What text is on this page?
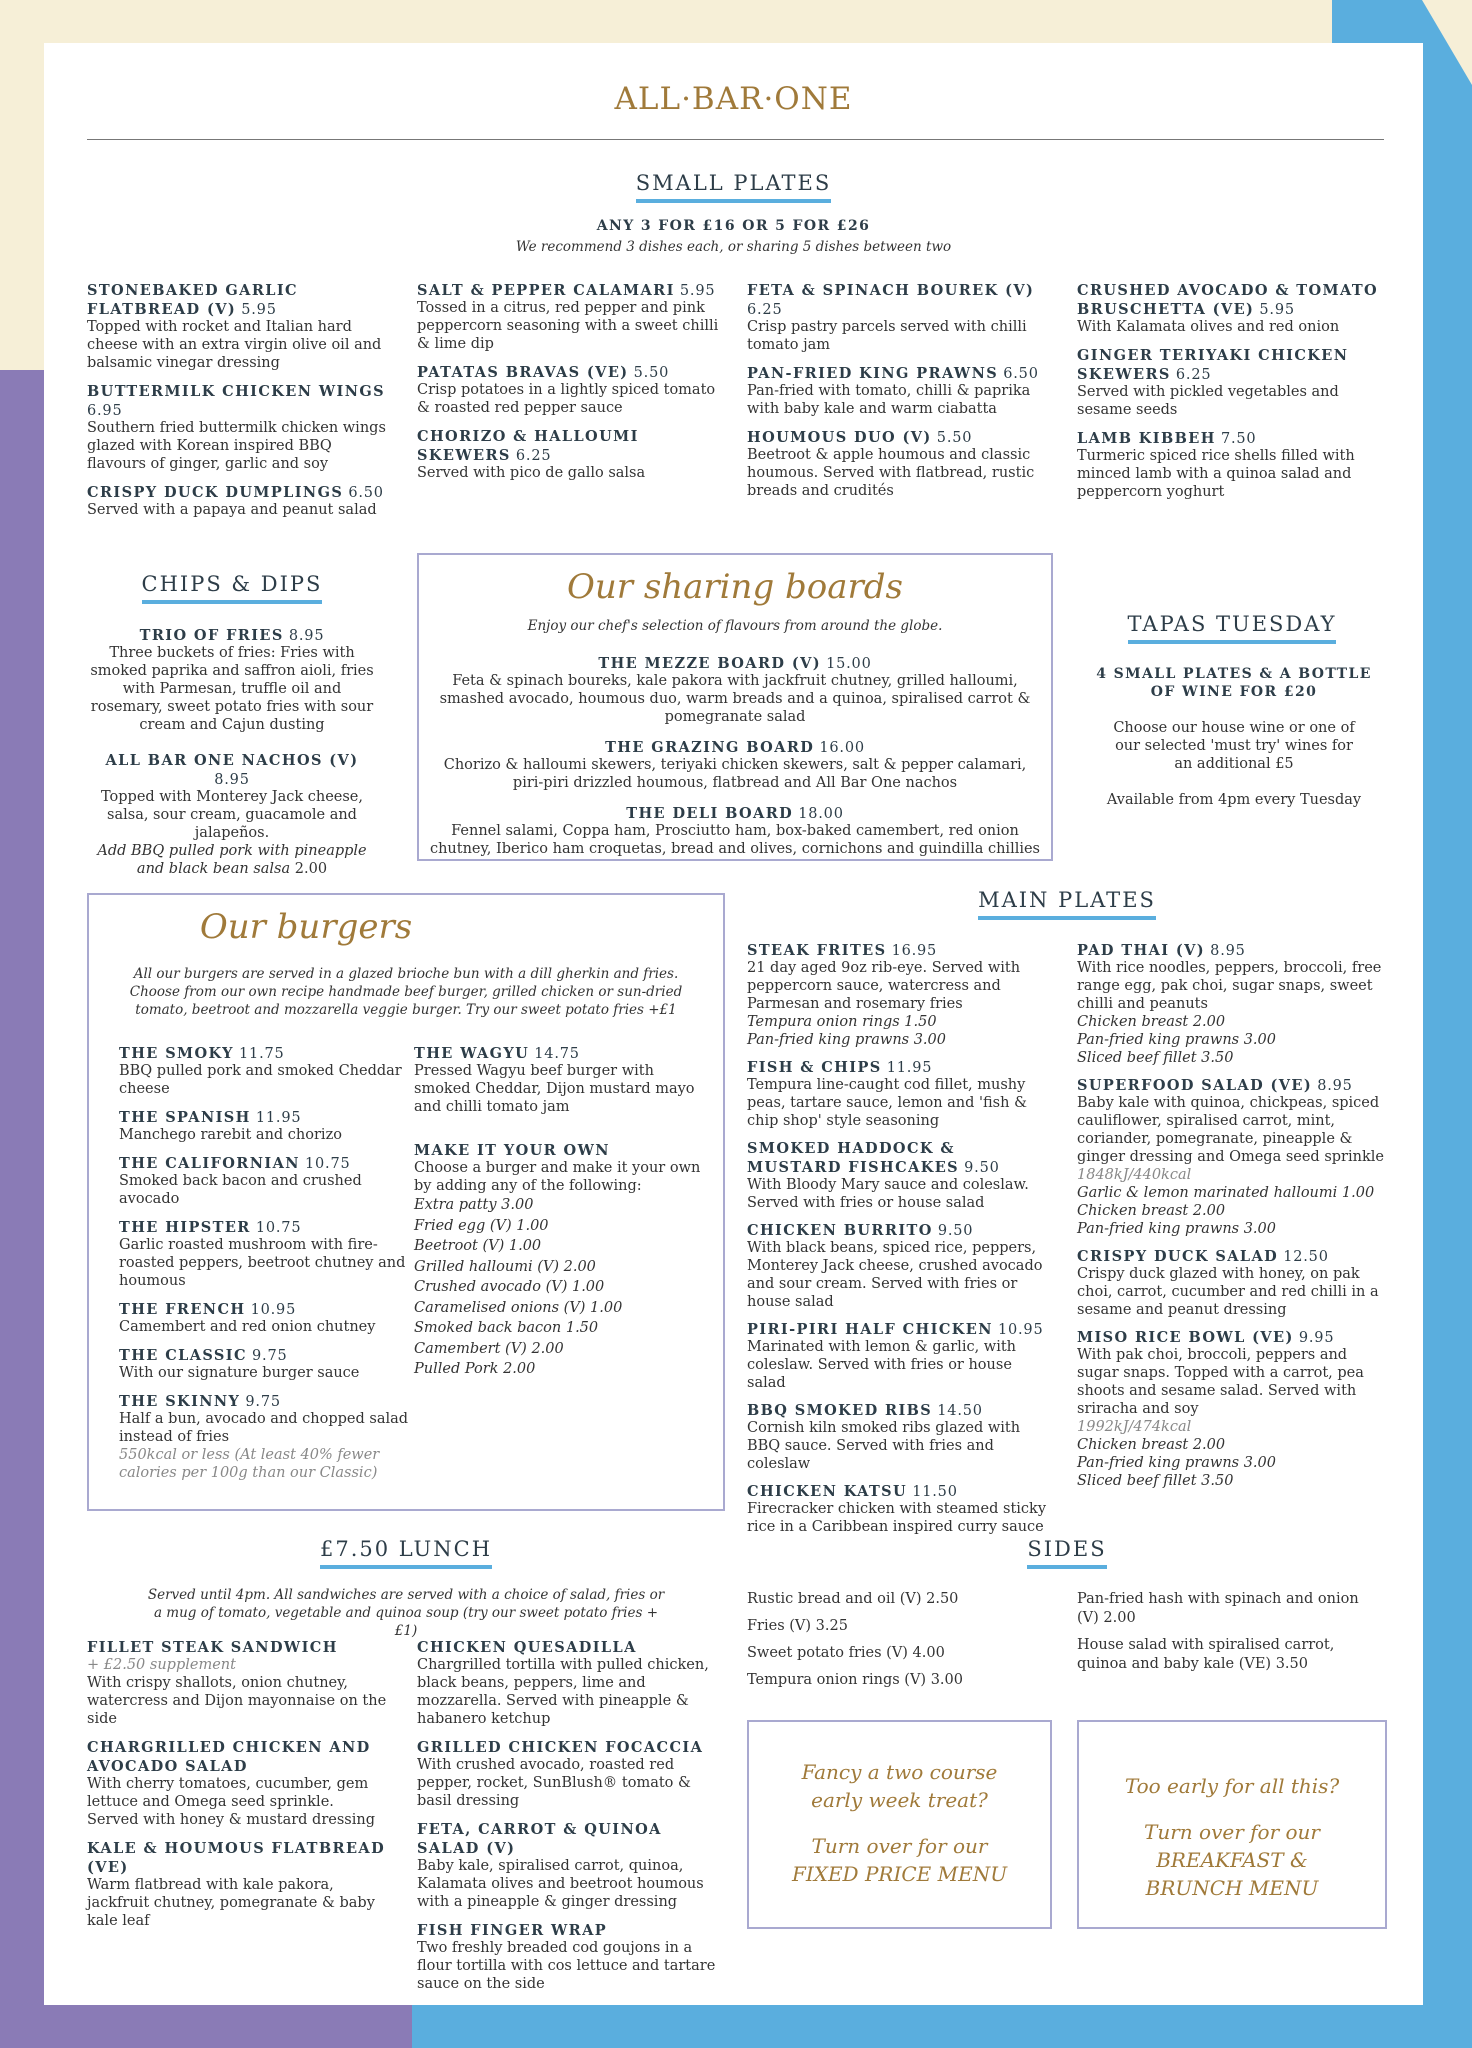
ALL·BAR·ONE
SMALL PLATES
ANY 3 FOR £16 OR 5 FOR £26
We recommend 3 dishes each, or sharing 5 dishes between two
STONEBAKED GARLIC FLATBREAD (V) 5.95
Topped with rocket and Italian hard cheese with an extra virgin olive oil and balsamic vinegar dressing
BUTTERMILK CHICKEN WINGS 6.95
Southern fried buttermilk chicken wings glazed with Korean inspired BBQ flavours of ginger, garlic and soy
CRISPY DUCK DUMPLINGS 6.50
Served with a papaya and peanut salad
SALT & PEPPER CALAMARI 5.95
Tossed in a citrus, red pepper and pink peppercorn seasoning with a sweet chilli & lime dip
PATATAS BRAVAS (VE) 5.50
Crisp potatoes in a lightly spiced tomato & roasted red pepper sauce
CHORIZO & HALLOUMI SKEWERS 6.25
Served with pico de gallo salsa
FETA & SPINACH BOUREK (V) 6.25
Crisp pastry parcels served with chilli tomato jam
PAN-FRIED KING PRAWNS 6.50
Pan-fried with tomato, chilli & paprika with baby kale and warm ciabatta
HOUMOUS DUO (V) 5.50
Beetroot & apple houmous and classic houmous. Served with flatbread, rustic breads and crudités
CRUSHED AVOCADO & TOMATO BRUSCHETTA (VE) 5.95
With Kalamata olives and red onion
GINGER TERIYAKI CHICKEN SKEWERS 6.25
Served with pickled vegetables and sesame seeds
LAMB KIBBEH 7.50
Turmeric spiced rice shells filled with minced lamb with a quinoa salad and peppercorn yoghurt
CHIPS & DIPS
TRIO OF FRIES 8.95
Three buckets of fries: Fries with smoked paprika and saffron aioli, fries with Parmesan, truffle oil and rosemary, sweet potato fries with sour cream and Cajun dusting
ALL BAR ONE NACHOS (V) 8.95
Topped with Monterey Jack cheese, salsa, sour cream, guacamole and jalapeños.
Add BBQ pulled pork with pineapple and black bean salsa 2.00
Our sharing boards
Enjoy our chef's selection of flavours from around the globe.
THE MEZZE BOARD (V) 15.00
Feta & spinach boureks, kale pakora with jackfruit chutney, grilled halloumi, smashed avocado, houmous duo, warm breads and a quinoa, spiralised carrot & pomegranate salad
THE GRAZING BOARD 16.00
Chorizo & halloumi skewers, teriyaki chicken skewers, salt & pepper calamari, piri-piri drizzled houmous, flatbread and All Bar One nachos
THE DELI BOARD 18.00
Fennel salami, Coppa ham, Prosciutto ham, box-baked camembert, red onion chutney, Iberico ham croquetas, bread and olives, cornichons and guindilla chillies
TAPAS TUESDAY
4 SMALL PLATES & A BOTTLE OF WINE FOR £20
Choose our house wine or one of our selected 'must try' wines for an additional £5
Available from 4pm every Tuesday
Our burgers
All our burgers are served in a glazed brioche bun with a dill gherkin and fries. Choose from our own recipe handmade beef burger, grilled chicken or sun-dried tomato, beetroot and mozzarella veggie burger. Try our sweet potato fries +£1
THE SMOKY 11.75
BBQ pulled pork and smoked Cheddar cheese
THE SPANISH 11.95
Manchego rarebit and chorizo
THE CALIFORNIAN 10.75
Smoked back bacon and crushed avocado
THE HIPSTER 10.75
Garlic roasted mushroom with fire-roasted peppers, beetroot chutney and houmous
THE FRENCH 10.95
Camembert and red onion chutney
THE CLASSIC 9.75
With our signature burger sauce
THE SKINNY 9.75
Half a bun, avocado and chopped salad instead of fries
550kcal or less (At least 40% fewer calories per 100g than our Classic)
THE WAGYU 14.75
Pressed Wagyu beef burger with smoked Cheddar, Dijon mustard mayo and chilli tomato jam
MAKE IT YOUR OWN
Choose a burger and make it your own by adding any of the following:
Extra patty 3.00
Fried egg (V) 1.00
Beetroot (V) 1.00
Grilled halloumi (V) 2.00
Crushed avocado (V) 1.00
Caramelised onions (V) 1.00
Smoked back bacon 1.50
Camembert (V) 2.00
Pulled Pork 2.00
MAIN PLATES
STEAK FRITES 16.95
21 day aged 9oz rib-eye. Served with peppercorn sauce, watercress and Parmesan and rosemary fries
Tempura onion rings 1.50
Pan-fried king prawns 3.00
FISH & CHIPS 11.95
Tempura line-caught cod fillet, mushy peas, tartare sauce, lemon and 'fish & chip shop' style seasoning
SMOKED HADDOCK & MUSTARD FISHCAKES 9.50
With Bloody Mary sauce and coleslaw. Served with fries or house salad
CHICKEN BURRITO 9.50
With black beans, spiced rice, peppers, Monterey Jack cheese, crushed avocado and sour cream. Served with fries or house salad
PIRI-PIRI HALF CHICKEN 10.95
Marinated with lemon & garlic, with coleslaw. Served with fries or house salad
BBQ SMOKED RIBS 14.50
Cornish kiln smoked ribs glazed with BBQ sauce. Served with fries and coleslaw
CHICKEN KATSU 11.50
Firecracker chicken with steamed sticky rice in a Caribbean inspired curry sauce
PAD THAI (V) 8.95
With rice noodles, peppers, broccoli, free range egg, pak choi, sugar snaps, sweet chilli and peanuts
Chicken breast 2.00
Pan-fried king prawns 3.00
Sliced beef fillet 3.50
SUPERFOOD SALAD (VE) 8.95
Baby kale with quinoa, chickpeas, spiced cauliflower, spiralised carrot, mint, coriander, pomegranate, pineapple & ginger dressing and Omega seed sprinkle
1848kJ/440kcal
Garlic & lemon marinated halloumi 1.00
Chicken breast 2.00
Pan-fried king prawns 3.00
CRISPY DUCK SALAD 12.50
Crispy duck glazed with honey, on pak choi, carrot, cucumber and red chilli in a sesame and peanut dressing
MISO RICE BOWL (VE) 9.95
With pak choi, broccoli, peppers and sugar snaps. Topped with a carrot, pea shoots and sesame salad. Served with sriracha and soy
1992kJ/474kcal
Chicken breast 2.00
Pan-fried king prawns 3.00
Sliced beef fillet 3.50
£7.50 LUNCH
Served until 4pm. All sandwiches are served with a choice of salad, fries or a mug of tomato, vegetable and quinoa soup (try our sweet potato fries +£1)
FILLET STEAK SANDWICH
+ £2.50 supplement
With crispy shallots, onion chutney, watercress and Dijon mayonnaise on the side
CHARGRILLED CHICKEN AND AVOCADO SALAD
With cherry tomatoes, cucumber, gem lettuce and Omega seed sprinkle. Served with honey & mustard dressing
KALE & HOUMOUS FLATBREAD (VE)
Warm flatbread with kale pakora, jackfruit chutney, pomegranate & baby kale leaf
CHICKEN QUESADILLA
Chargrilled tortilla with pulled chicken, black beans, peppers, lime and mozzarella. Served with pineapple & habanero ketchup
GRILLED CHICKEN FOCACCIA
With crushed avocado, roasted red pepper, rocket, SunBlush® tomato & basil dressing
FETA, CARROT & QUINOA SALAD (V)
Baby kale, spiralised carrot, quinoa, Kalamata olives and beetroot houmous with a pineapple & ginger dressing
FISH FINGER WRAP
Two freshly breaded cod goujons in a flour tortilla with cos lettuce and tartare sauce on the side
SIDES
Rustic bread and oil (V) 2.50
Fries (V) 3.25
Sweet potato fries (V) 4.00
Tempura onion rings (V) 3.00
Pan-fried hash with spinach and onion (V) 2.00
House salad with spiralised carrot, quinoa and baby kale (VE) 3.50
Fancy a two course early week treat?
Turn over for our FIXED PRICE MENU
Too early for all this?
Turn over for our BREAKFAST & BRUNCH MENU
